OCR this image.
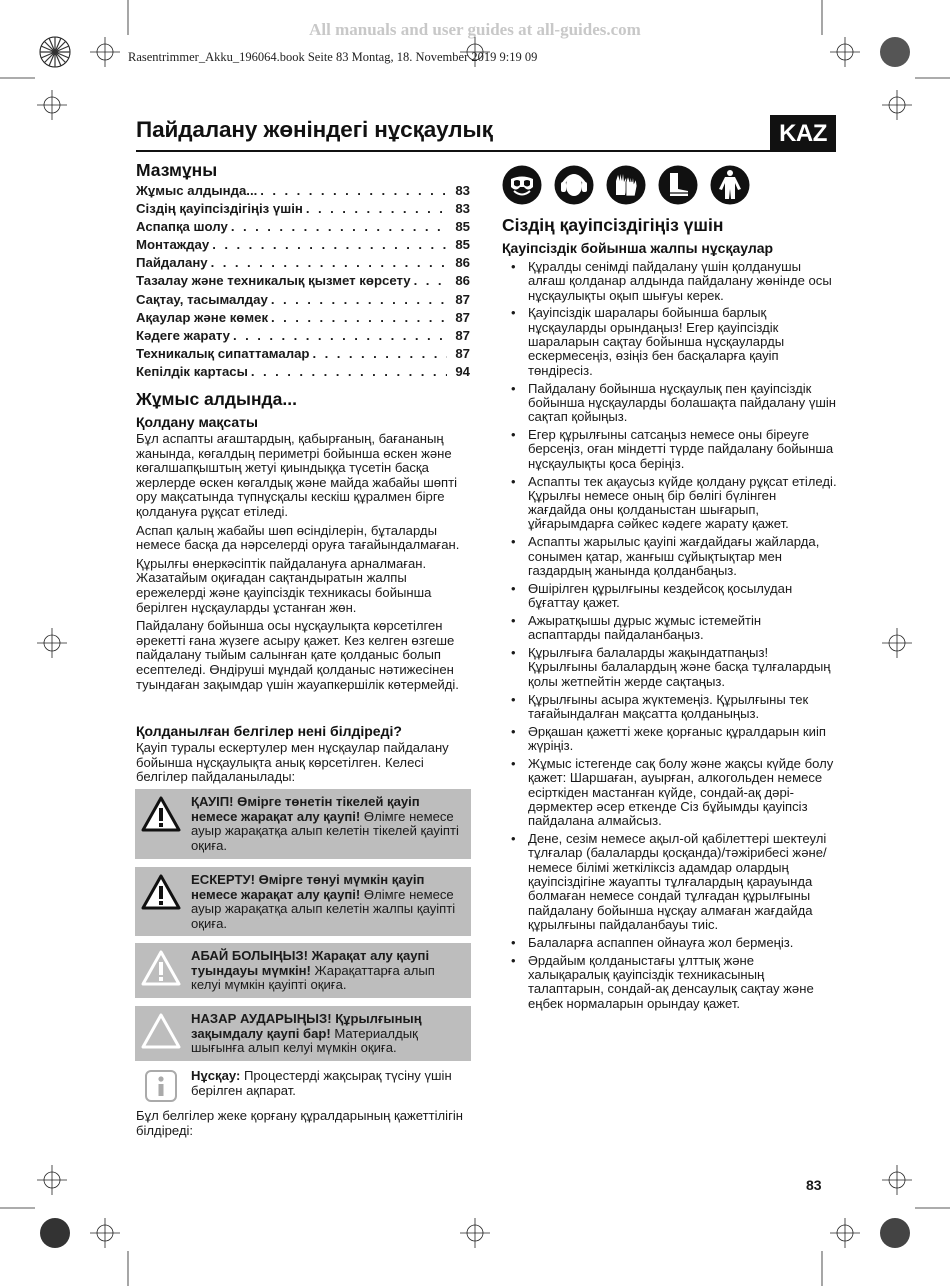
All manuals and user guides at all-guides.com
Rasentrimmer_Akku_196064.book Seite 83 Montag, 18. November 2019 9:19 09
Пайдалану жөніндегі нұсқаулық	KAZ
Мазмұны
Жұмыс алдында... . . .	83
Сіздің қауіпсіздігіңіз үшін . . .	83
Аспапқа шолу . . .	85
Монтаждау . . .	85
Пайдалану . . .	86
Тазалау және техникалық қызмет көрсету . . .	86
Сақтау, тасымалдау . . .	87
Ақаулар және көмек . . .	87
Кәдеге жарату . . .	87
Техникалық сипаттамалар . . .	87
Кепілдік картасы . . .	94
Жұмыс алдында...
Қолдану мақсаты

Бұл аспапты ағаштардың, қабырғаның, бағананың жанында, көгалдың периметрі бойынша өскен және көгалшапқыштың жетуі қиындыққа түсетін басқа жерлерде өскен көгалдық және майда жабайы шөпті ору мақсатында түпнұсқалы кескіш құралмен бірге қолдануға рұқсат етіледі.

Аспап қалың жабайы шөп өсінділерін, бұталарды немесе басқа да нәрселерді оруға тағайындалмаған.

Құрылғы өнеркәсіптік пайдалануға арналмаған. Жазатайым оқиғадан сақтандыратын жалпы ережелерді және қауіпсіздік техникасы бойынша берілген нұсқауларды ұстанған жөн.

Пайдалану бойынша осы нұсқаулықта көрсетілген әрекетті ғана жүзеге асыру қажет. Кез келген өзгеше пайдалану тыйым салынған қате қолданыс болып есептеледі. Өндіруші мұндай қолданыс нәтижесінен туындаған зақымдар үшін жауапкершілік көтермейді.

Қолданылған белгілер нені білдіреді?
Қауіп туралы ескертулер мен нұсқаулар пайдалану бойынша нұсқаулықта анық көрсетілген. Келесі белгілер пайдаланылады:
ҚАУІП! Өмірге төнетін тікелей қауіп немесе жарақат алу қаупі! Өлімге немесе ауыр жарақатқа алып келетін тікелей қауіпті оқиға.
ЕСКЕРТУ! Өмірге төнуі мүмкін қауіп немесе жарақат алу қаупі! Өлімге немесе ауыр жарақатқа алып келетін жалпы қауіпті оқиға.
АБАЙ БОЛЫҢЫЗ! Жарақат алу қаупі туындауы мүмкін! Жарақаттарға алып келуі мүмкін қауіпті оқиға.
НАЗАР АУДАРЫҢЫЗ! Құрылғының зақымдалу қаупі бар! Материалдық шығынға алып келуі мүмкін оқиға.
Нұсқау: Процестерді жақсырақ түсіну үшін берілген ақпарат.
Бұл белгілер жеке қорғану құралдарының қажеттілігін білдіреді:
Сіздің қауіпсіздігіңіз үшін
Қауіпсіздік бойынша жалпы нұсқаулар
• Құралды сенімді пайдалану үшін қолданушы алғаш қолданар алдында пайдалану жөнінде осы нұсқаулықты оқып шығуы керек.
• Қауіпсіздік шаралары бойынша барлық нұсқауларды орындаңыз! Егер қауіпсіздік шараларын сақтау бойынша нұсқауларды ескермесеңіз, өзіңіз бен басқаларға қауіп төндіресіз.
• Пайдалану бойынша нұсқаулық пен қауіпсіздік бойынша нұсқауларды болашақта пайдалану үшін сақтап қойыңыз.
• Егер құрылғыны сатсаңыз немесе оны біреуге берсеңіз, оған міндетті түрде пайдалану бойынша нұсқаулықты қоса беріңіз.
• Аспапты тек ақаусыз күйде қолдану рұқсат етіледі. Құрылғы немесе оның бір бөлігі бүлінген жағдайда оны қолданыстан шығарып, ұйғарымдарға сәйкес кәдеге жарату қажет.
• Аспапты жарылыс қауіпі жағдайдағы жайларда, сонымен қатар, жанғыш сұйықтықтар мен газдардың жанында қолданбаңыз.
• Өшірілген құрылғыны кездейсоқ қосылудан бұғаттау қажет.
• Ажыратқышы дұрыс жұмыс істемейтін аспаптарды пайдаланбаңыз.
• Құрылғыға балаларды жақындатпаңыз! Құрылғыны балалардың және басқа тұлғалардың қолы жетпейтін жерде сақтаңыз.
• Құрылғыны асыра жүктемеңіз. Құрылғыны тек тағайындалған мақсатта қолданыңыз.
• Әрқашан қажетті жеке қорғаныс құралдарын киіп жүріңіз.
• Жұмыс істегенде сақ болу және жақсы күйде болу қажет: Шаршаған, ауырған, алкогольден немесе есірткіден мастанған күйде, сондай-ақ дәрі-дәрмектер әсер еткенде Сіз бұйымды қауіпсіз пайдалана алмайсыз.
• Дене, сезім немесе ақыл-ой қабілеттері шектеулі тұлғалар (балаларды қосқанда)/тәжірибесі және/немесе білімі жеткіліксіз адамдар олардың қауіпсіздігіне жауапты тұлғалардың қарауында болмаған немесе сондай тұлғадан құрылғыны пайдалану бойынша нұсқау алмаған жағдайда құрылғыны пайдаланбауы тиіс.
• Балаларға аспаппен ойнауға жол бермеңіз.
• Әрдайым қолданыстағы ұлттық және халықаралық қауіпсіздік техникасының талаптарын, сондай-ақ денсаулық сақтау және еңбек нормаларын орындау қажет.
83
